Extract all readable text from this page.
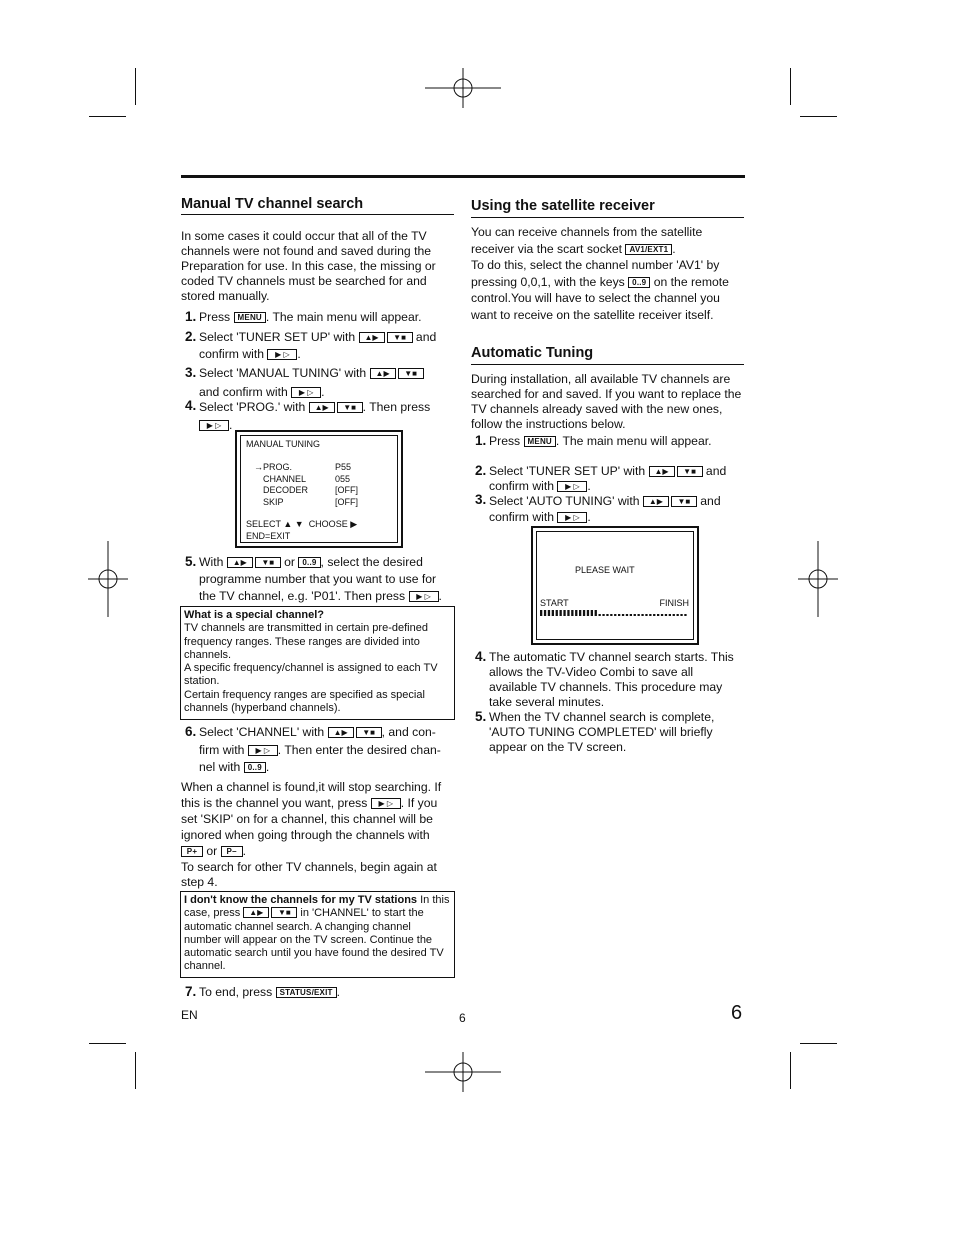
Manual TV channel search
In some cases it could occur that all of the TV channels were not found and saved during the Preparation for use. In this case, the missing or coded TV channels must be searched for and stored manually.
1. Press MENU . The main menu will appear.
2. Select 'TUNER SET UP' with ▲▶ ▼■ and
confirm with ▶ ▷ .
3. Select 'MANUAL TUNING' with ▲▶ ▼■
and confirm with ▶ ▷ .
4. Select 'PROG.' with ▲▶ ▼■ . Then press
▶ ▷ .
MANUAL TUNING
→ PROG.	P55
CHANNEL	055
DECODER	[OFF]
SKIP	[OFF]
SELECT ▲ ▼ CHOOSE ▶
END=EXIT
5. With ▲▶ ▼■ or 0..9 , select the desired
programme number that you want to use for
the TV channel, e.g. 'P01'. Then press ▶ ▷ .
What is a special channel?
TV channels are transmitted in certain pre-defined frequency ranges. These ranges are divided into channels.
A specific frequency/channel is assigned to each TV station.
Certain frequency ranges are specified as special channels (hyperband channels).
6. Select 'CHANNEL' with ▲▶ ▼■ , and con-
firm with ▶ ▷ . Then enter the desired chan-
nel with 0..9 .
When a channel is found,it will stop searching. If this is the channel you want, press ▶ ▷ . If you set 'SKIP' on for a channel, this channel will be ignored when going through the channels with
P+ or P– .
To search for other TV channels, begin again at step 4.
I don't know the channels for my TV stations In this case, press ▲▶ ▼■ in 'CHANNEL' to start the automatic channel search. A changing channel number will appear on the TV screen. Continue the automatic search until you have found the desired TV channel.
7. To end, press STATUS/EXIT .
Using the satellite receiver
You can receive channels from the satellite
receiver via the scart socket AV1/EXT1 .
To do this, select the channel number 'AV1' by
pressing 0,0,1, with the keys 0..9 on the remote
control.You will have to select the channel you
want to receive on the satellite receiver itself.
Automatic Tuning
During installation, all available TV channels are searched for and saved. If you want to replace the TV channels already saved with the new ones, follow the instructions below.
1. Press MENU . The main menu will appear.
2. Select 'TUNER SET UP' with ▲▶ ▼■ and
confirm with ▶ ▷ .
3. Select 'AUTO TUNING' with ▲▶ ▼■ and
confirm with ▶ ▷ .
PLEASE WAIT
START	FINISH
4. The automatic TV channel search starts. This allows the TV-Video Combi to save all available TV channels. This procedure may take several minutes.
5. When the TV channel search is complete, 'AUTO TUNING COMPLETED' will briefly appear on the TV screen.
EN	6	6
